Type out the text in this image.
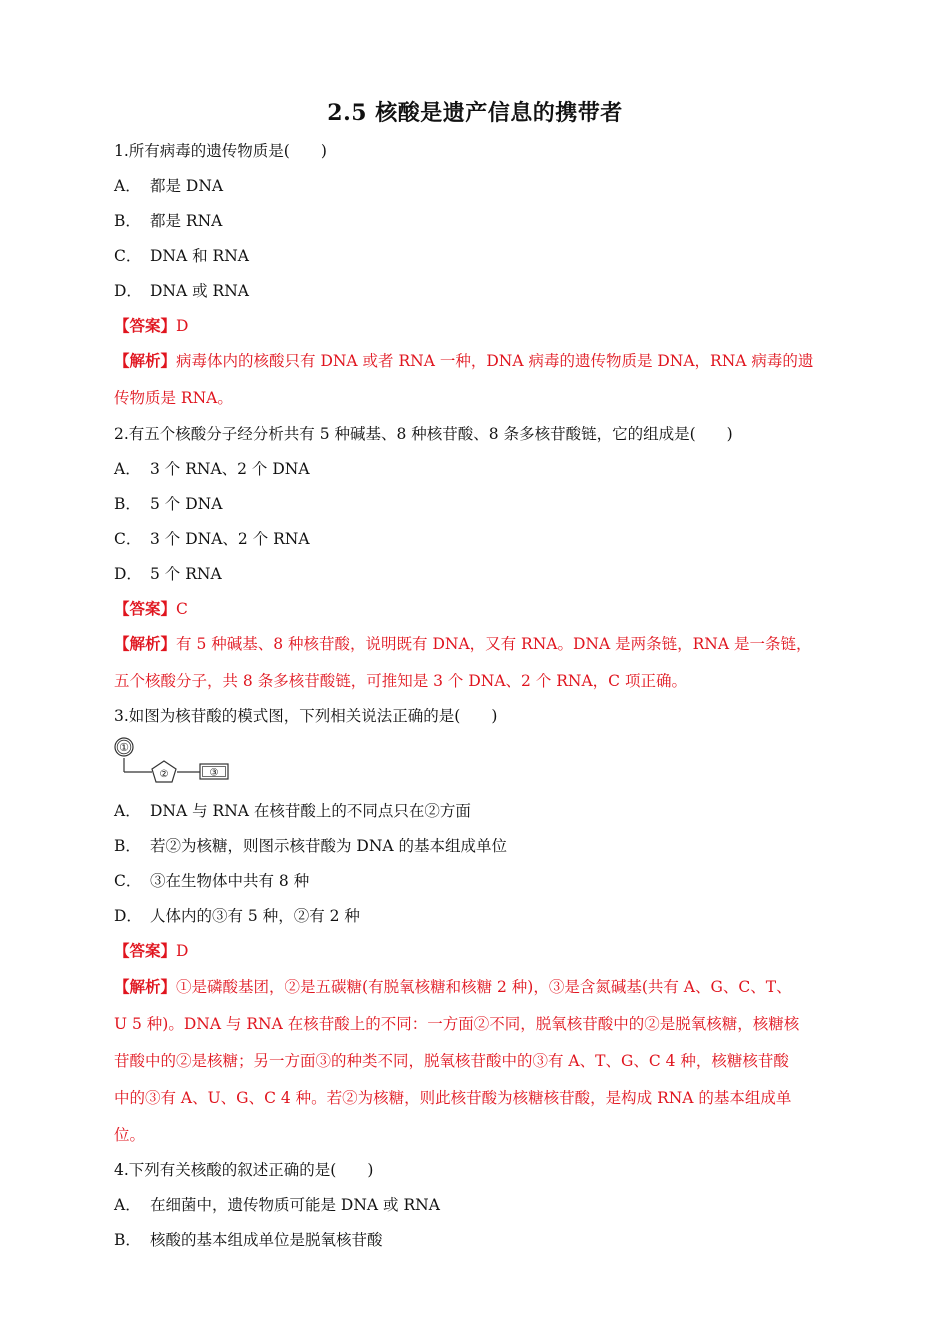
2.5 核酸是遗产信息的携带者
1.所有病毒的遗传物质是(　　)
A． 都是 DNA
B． 都是 RNA
C． DNA 和 RNA
D． DNA 或 RNA
【答案】D
【解析】病毒体内的核酸只有 DNA 或者 RNA 一种，DNA 病毒的遗传物质是 DNA，RNA 病毒的遗
传物质是 RNA。
2.有五个核酸分子经分析共有 5 种碱基、8 种核苷酸、8 条多核苷酸链，它的组成是(　　)
A． 3 个 RNA、2 个 DNA
B． 5 个 DNA
C． 3 个 DNA、2 个 RNA
D． 5 个 RNA
【答案】C
【解析】有 5 种碱基、8 种核苷酸，说明既有 DNA，又有 RNA。DNA 是两条链，RNA 是一条链，
五个核酸分子，共 8 条多核苷酸链，可推知是 3 个 DNA、2 个 RNA，C 项正确。
3.如图为核苷酸的模式图，下列相关说法正确的是(　　)
①
②	③
A． DNA 与 RNA 在核苷酸上的不同点只在②方面
B． 若②为核糖，则图示核苷酸为 DNA 的基本组成单位
C． ③在生物体中共有 8 种
D． 人体内的③有 5 种，②有 2 种
【答案】D
【解析】①是磷酸基团，②是五碳糖(有脱氧核糖和核糖 2 种)，③是含氮碱基(共有 A、G、C、T、
U 5 种)。DNA 与 RNA 在核苷酸上的不同：一方面②不同，脱氧核苷酸中的②是脱氧核糖，核糖核
苷酸中的②是核糖；另一方面③的种类不同，脱氧核苷酸中的③有 A、T、G、C 4 种，核糖核苷酸
中的③有 A、U、G、C 4 种。若②为核糖，则此核苷酸为核糖核苷酸，是构成 RNA 的基本组成单
位。
4.下列有关核酸的叙述正确的是(　　)
A． 在细菌中，遗传物质可能是 DNA 或 RNA
B． 核酸的基本组成单位是脱氧核苷酸
